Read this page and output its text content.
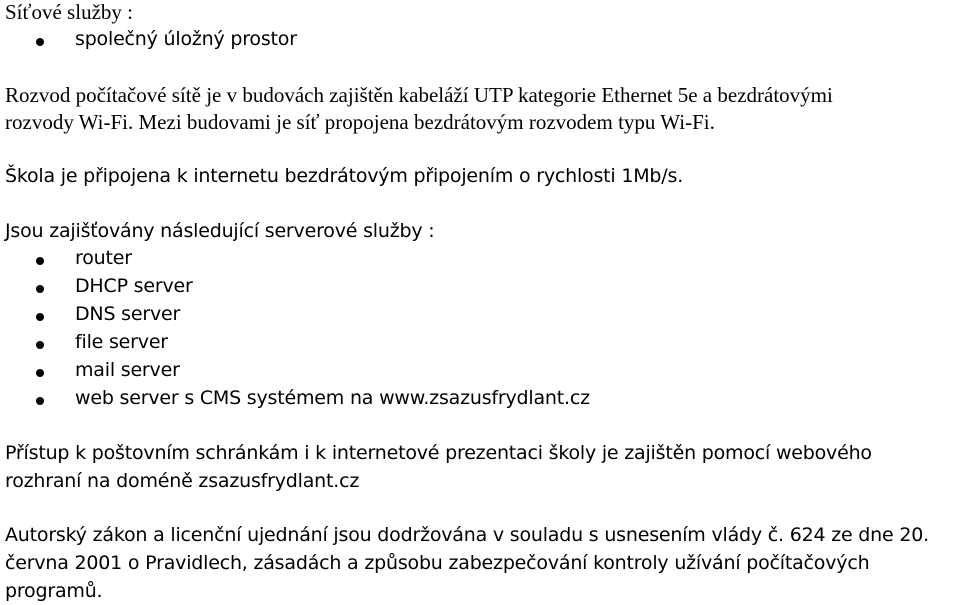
Síťové služby :
společný úložný prostor
Rozvod počítačové sítě je v budovách zajištěn kabeláží UTP kategorie Ethernet 5e a bezdrátovými
rozvody Wi-Fi. Mezi budovami je síť propojena bezdrátovým rozvodem typu Wi-Fi.
Škola je připojena k internetu bezdrátovým připojením o rychlosti 1Mb/s.
Jsou zajišťovány následující serverové služby :
router
DHCP server
DNS server
file server
mail server
web server s CMS systémem na www.zsazusfrydlant.cz
Přístup k poštovním schránkám i k internetové prezentaci školy je zajištěn pomocí webového
rozhraní na doméně zsazusfrydlant.cz
Autorský zákon a licenční ujednání jsou dodržována v souladu s usnesením vlády č. 624 ze dne 20.
června 2001 o Pravidlech, zásadách a způsobu zabezpečování kontroly užívání počítačových
programů.
